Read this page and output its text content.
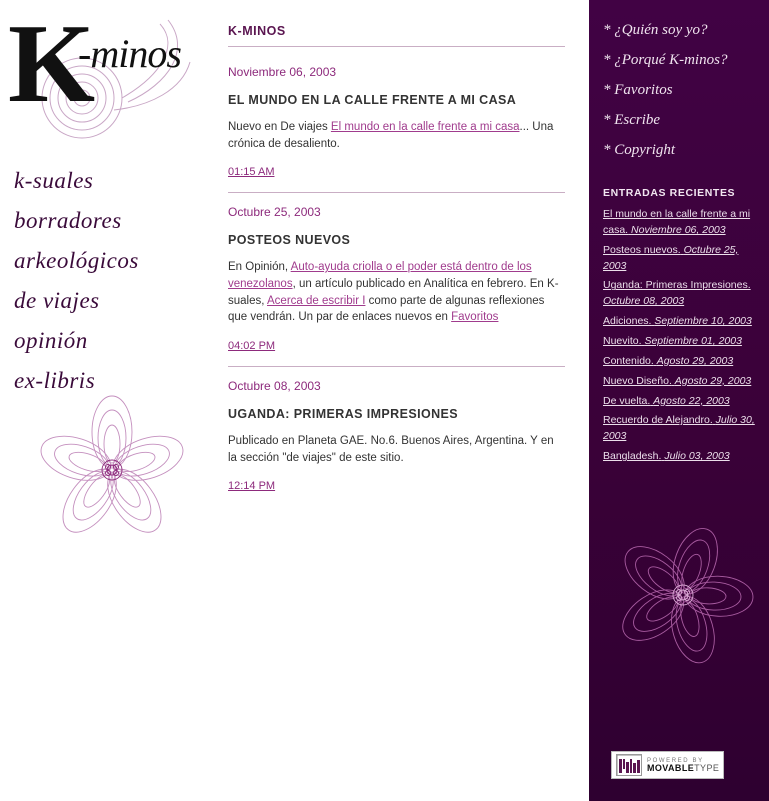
K
-minos
k-suales
borradores
arkeológicos
de viajes
opinión
ex-libris
K-MINOS
Noviembre 06, 2003
EL MUNDO EN LA CALLE FRENTE A MI CASA

Nuevo en De viajes El mundo en la calle frente a mi casa... Una crónica de desaliento.

01:15 AM
Octubre 25, 2003
POSTEOS NUEVOS

En Opinión, Auto-ayuda criolla o el poder está dentro de los venezolanos, un artículo publicado en Analítica en febrero. En K-suales, Acerca de escribir I como parte de algunas reflexiones que vendrán. Un par de enlaces nuevos en Favoritos

04:02 PM
Octubre 08, 2003
UGANDA: PRIMERAS IMPRESIONES

Publicado en Planeta GAE. No.6. Buenos Aires, Argentina. Y en la sección "de viajes" de este sitio.

12:14 PM
* ¿Quién soy yo?
* ¿Porqué K-minos?
* Favoritos
* Escribe
* Copyright
ENTRADAS RECIENTES
El mundo en la calle frente a mi casa. Noviembre 06, 2003
Posteos nuevos. Octubre 25, 2003
Uganda: Primeras Impresiones. Octubre 08, 2003
Adiciones. Septiembre 10, 2003
Nuevito. Septiembre 01, 2003
Contenido. Agosto 29, 2003
Nuevo Diseño. Agosto 29, 2003
De vuelta. Agosto 22, 2003
Recuerdo de Alejandro. Julio 30, 2003
Bangladesh. Julio 03, 2003
POWERED BY
MOVABLETYPE
